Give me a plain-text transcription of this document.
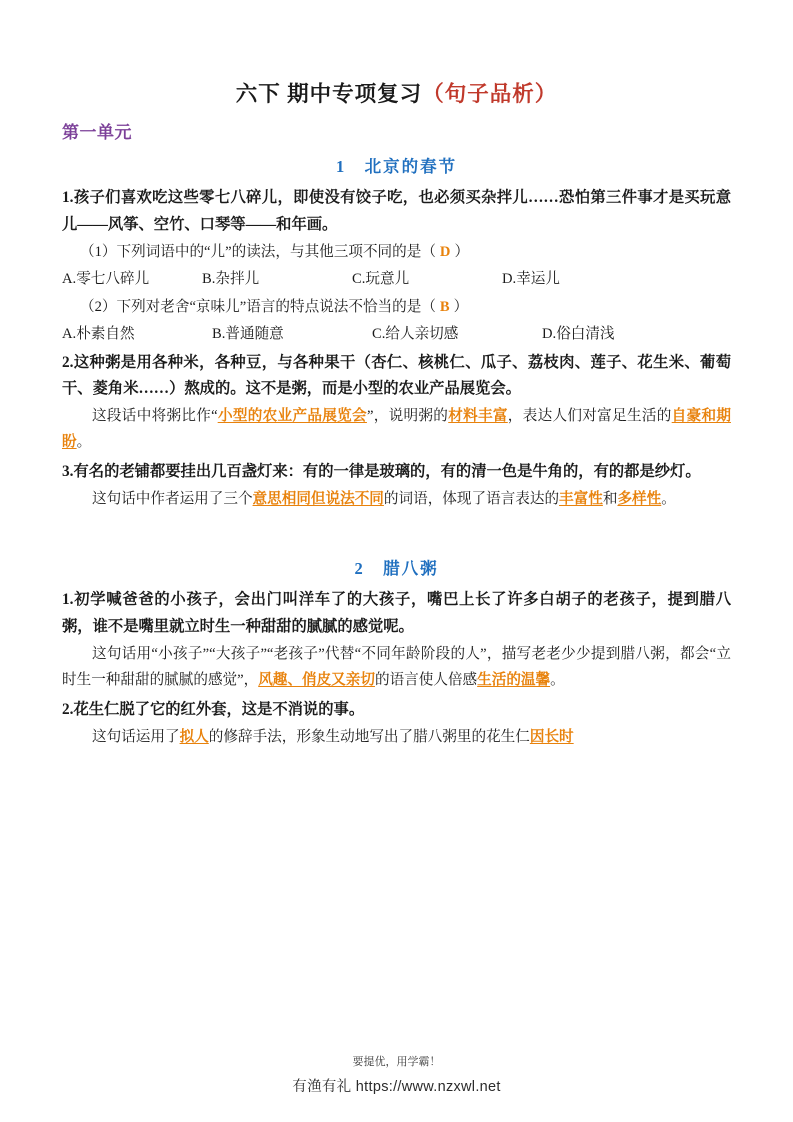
六下 期中专项复习（句子品析）
第一单元
1 北京的春节

1.孩子们喜欢吃这些零七八碎儿，即使没有饺子吃，也必须买杂拌儿……恐怕第三件事才是买玩意儿——风筝、空竹、口琴等——和年画。

（1）下列词语中的“儿”的读法，与其他三项不同的是（ D ）

A.零七八碎儿	B.杂拌儿	C.玩意儿	D.幸运儿

（2）下列对老舍“京味儿”语言的特点说法不恰当的是（ B ）

A.朴素自然	B.普通随意	C.给人亲切感	D.俗白清浅

2.这种粥是用各种米，各种豆，与各种果干（杏仁、核桃仁、瓜子、荔枝肉、莲子、花生米、葡萄干、菱角米……）熬成的。这不是粥，而是小型的农业产品展览会。

这段话中将粥比作“小型的农业产品展览会”，说明粥的材料丰富，表达人们对富足生活的自豪和期盼。

3.有名的老铺都要挂出几百盏灯来：有的一律是玻璃的，有的清一色是牛角的，有的都是纱灯。

这句话中作者运用了三个意思相同但说法不同的词语，体现了语言表达的丰富性和多样性。

2 腊八粥

1.初学喊爸爸的小孩子，会出门叫洋车了的大孩子，嘴巴上长了许多白胡子的老孩子，提到腊八粥，谁不是嘴里就立时生一种甜甜的腻腻的感觉呢。

这句话用“小孩子”“大孩子”“老孩子”代替“不同年龄阶段的人”，描写老老少少提到腊八粥，都会“立时生一种甜甜的腻腻的感觉”，风趣、俏皮又亲切的语言使人倍感生活的温馨。

2.花生仁脱了它的红外套，这是不消说的事。

这句话运用了拟人的修辞手法，形象生动地写出了腊八粥里的花生仁因长时

要提优，用学霸！
有渔有礼 https://www.nzxwl.net
